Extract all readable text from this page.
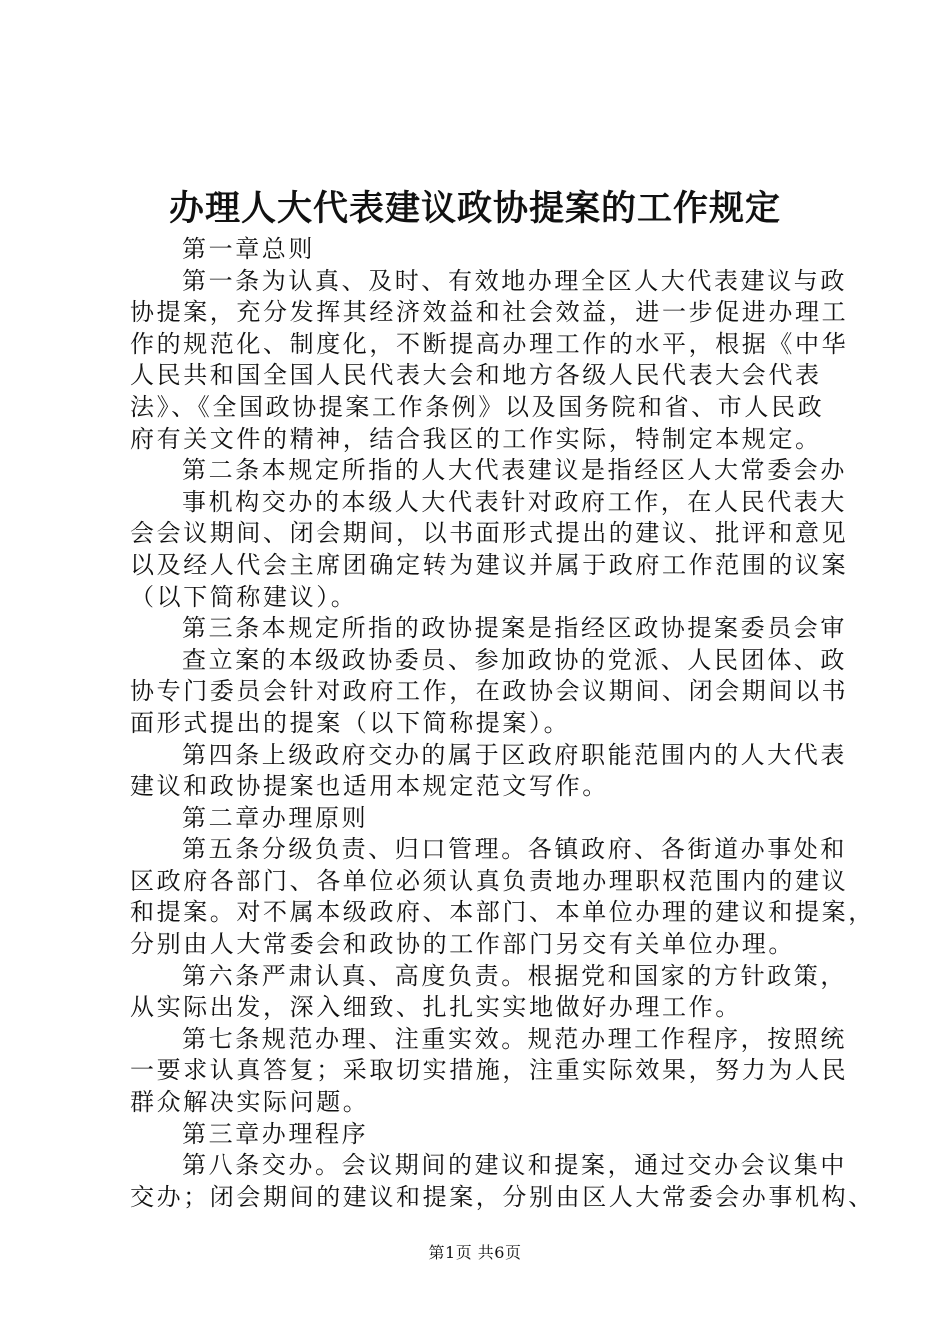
办理人大代表建议政协提案的工作规定
第一章总则
第一条为认真、及时、有效地办理全区人大代表建议与政
协提案，充分发挥其经济效益和社会效益，进一步促进办理工
作的规范化、制度化，不断提高办理工作的水平，根据《中华
人民共和国全国人民代表大会和地方各级人民代表大会代表
法》、《全国政协提案工作条例》以及国务院和省、市人民政
府有关文件的精神，结合我区的工作实际，特制定本规定。
第二条本规定所指的人大代表建议是指经区人大常委会办
事机构交办的本级人大代表针对政府工作，在人民代表大
会会议期间、闭会期间，以书面形式提出的建议、批评和意见
以及经人代会主席团确定转为建议并属于政府工作范围的议案
（以下简称建议）。
第三条本规定所指的政协提案是指经区政协提案委员会审
查立案的本级政协委员、参加政协的党派、人民团体、政
协专门委员会针对政府工作，在政协会议期间、闭会期间以书
面形式提出的提案（以下简称提案）。
第四条上级政府交办的属于区政府职能范围内的人大代表
建议和政协提案也适用本规定范文写作。
第二章办理原则
第五条分级负责、归口管理。各镇政府、各街道办事处和
区政府各部门、各单位必须认真负责地办理职权范围内的建议
和提案。对不属本级政府、本部门、本单位办理的建议和提案，
分别由人大常委会和政协的工作部门另交有关单位办理。
第六条严肃认真、高度负责。根据党和国家的方针政策，
从实际出发，深入细致、扎扎实实地做好办理工作。
第七条规范办理、注重实效。规范办理工作程序，按照统
一要求认真答复；采取切实措施，注重实际效果，努力为人民
群众解决实际问题。
第三章办理程序
第八条交办。会议期间的建议和提案，通过交办会议集中
交办；闭会期间的建议和提案，分别由区人大常委会办事机构、
第1页 共6页
